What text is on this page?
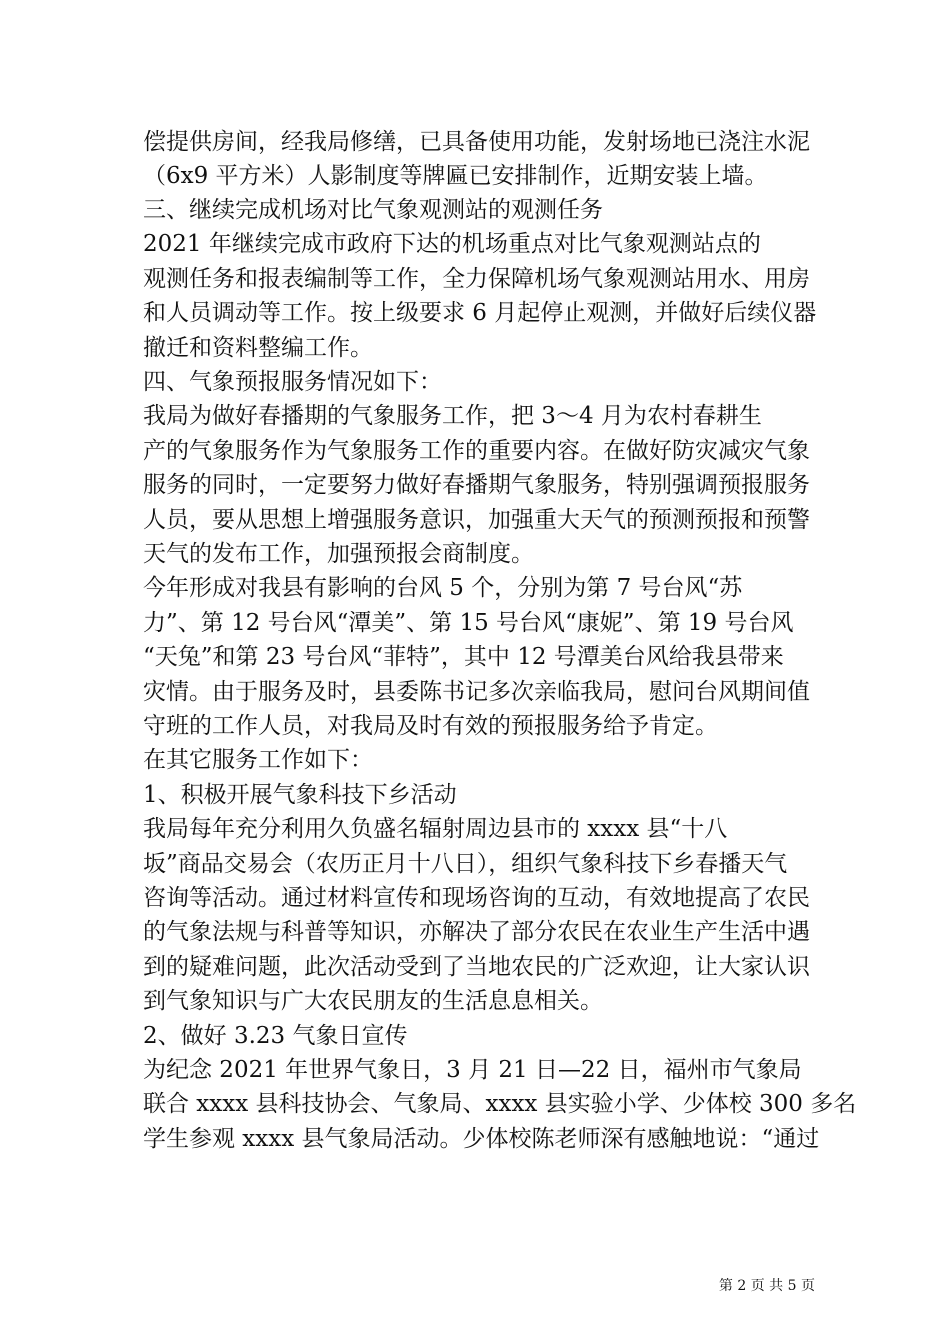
偿提供房间，经我局修缮，已具备使用功能，发射场地已浇注水泥
（6x9 平方米）人影制度等牌匾已安排制作，近期安装上墙。
三、继续完成机场对比气象观测站的观测任务
2021 年继续完成市政府下达的机场重点对比气象观测站点的
观测任务和报表编制等工作，全力保障机场气象观测站用水、用房
和人员调动等工作。按上级要求 6 月起停止观测，并做好后续仪器
撤迁和资料整编工作。
四、气象预报服务情况如下：
我局为做好春播期的气象服务工作，把 3～4 月为农村春耕生
产的气象服务作为气象服务工作的重要内容。在做好防灾减灾气象
服务的同时，一定要努力做好春播期气象服务，特别强调预报服务
人员，要从思想上增强服务意识，加强重大天气的预测预报和预警
天气的发布工作，加强预报会商制度。
今年形成对我县有影响的台风 5 个，分别为第 7 号台风“苏
力”、第 12 号台风“潭美”、第 15 号台风“康妮”、第 19 号台风
“天兔”和第 23 号台风“菲特”，其中 12 号潭美台风给我县带来
灾情。由于服务及时，县委陈书记多次亲临我局，慰问台风期间值
守班的工作人员，对我局及时有效的预报服务给予肯定。
在其它服务工作如下：
1、积极开展气象科技下乡活动
我局每年充分利用久负盛名辐射周边县市的 xxxx 县“十八
坂”商品交易会（农历正月十八日），组织气象科技下乡春播天气
咨询等活动。通过材料宣传和现场咨询的互动，有效地提高了农民
的气象法规与科普等知识，亦解决了部分农民在农业生产生活中遇
到的疑难问题，此次活动受到了当地农民的广泛欢迎，让大家认识
到气象知识与广大农民朋友的生活息息相关。
2、做好 3.23 气象日宣传
为纪念 2021 年世界气象日，3 月 21 日—22 日，福州市气象局
联合 xxxx 县科技协会、气象局、xxxx 县实验小学、少体校 300 多名
学生参观 xxxx 县气象局活动。少体校陈老师深有感触地说：“通过
第 2 页 共 5 页
